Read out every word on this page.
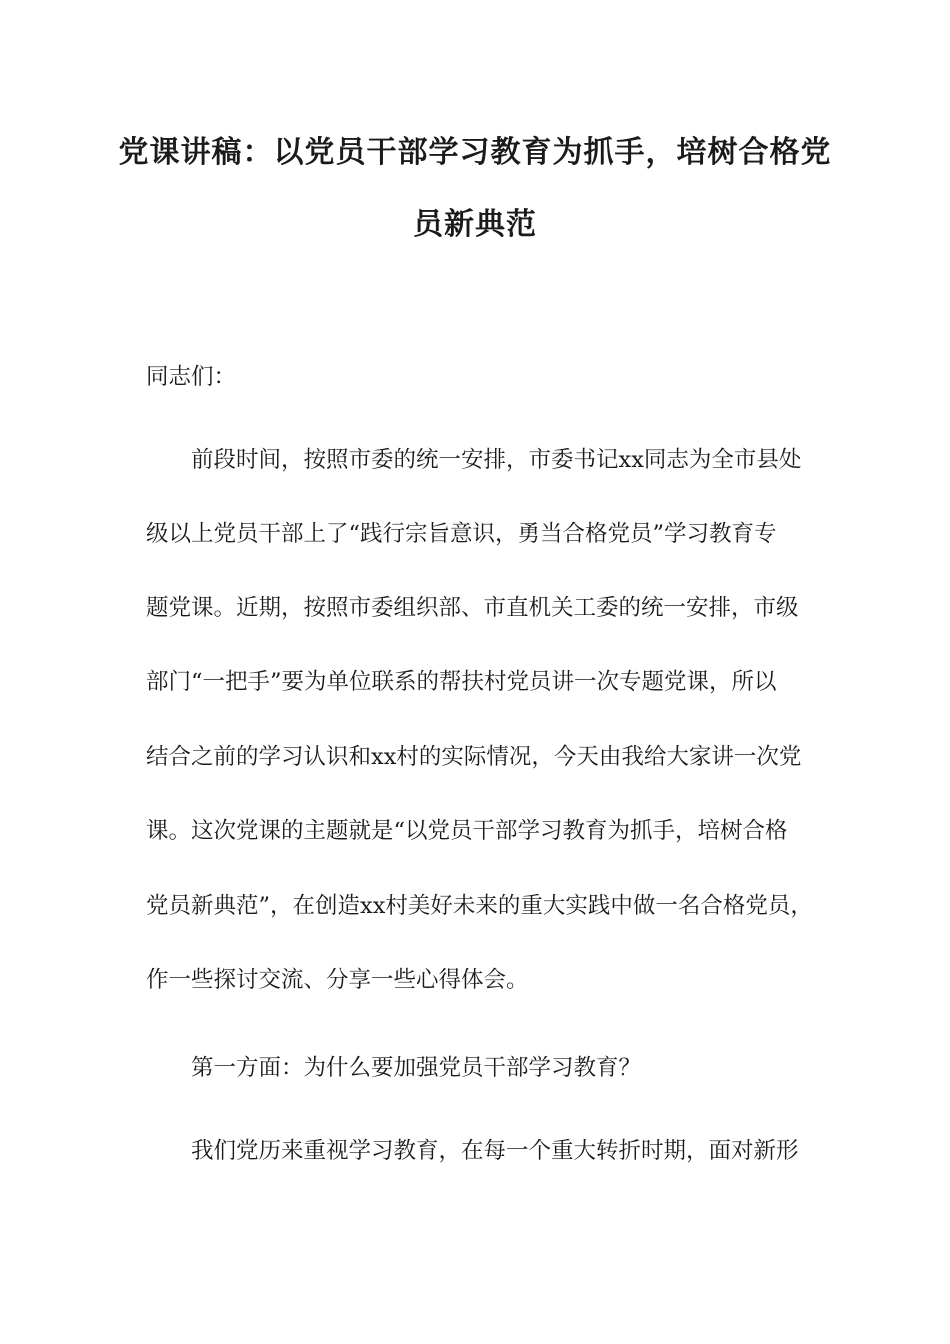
党课讲稿：以党员干部学习教育为抓手，培树合格党
员新典范
同志们：
前段时间，按照市委的统一安排，市委书记xx同志为全市县处
级以上党员干部上了“践行宗旨意识，勇当合格党员”学习教育专
题党课。近期，按照市委组织部、市直机关工委的统一安排，市级
部门“一把手”要为单位联系的帮扶村党员讲一次专题党课，所以
结合之前的学习认识和xx村的实际情况，今天由我给大家讲一次党
课。这次党课的主题就是“以党员干部学习教育为抓手，培树合格
党员新典范”，在创造xx村美好未来的重大实践中做一名合格党员，
作一些探讨交流、分享一些心得体会。
第一方面：为什么要加强党员干部学习教育？
我们党历来重视学习教育，在每一个重大转折时期，面对新形
